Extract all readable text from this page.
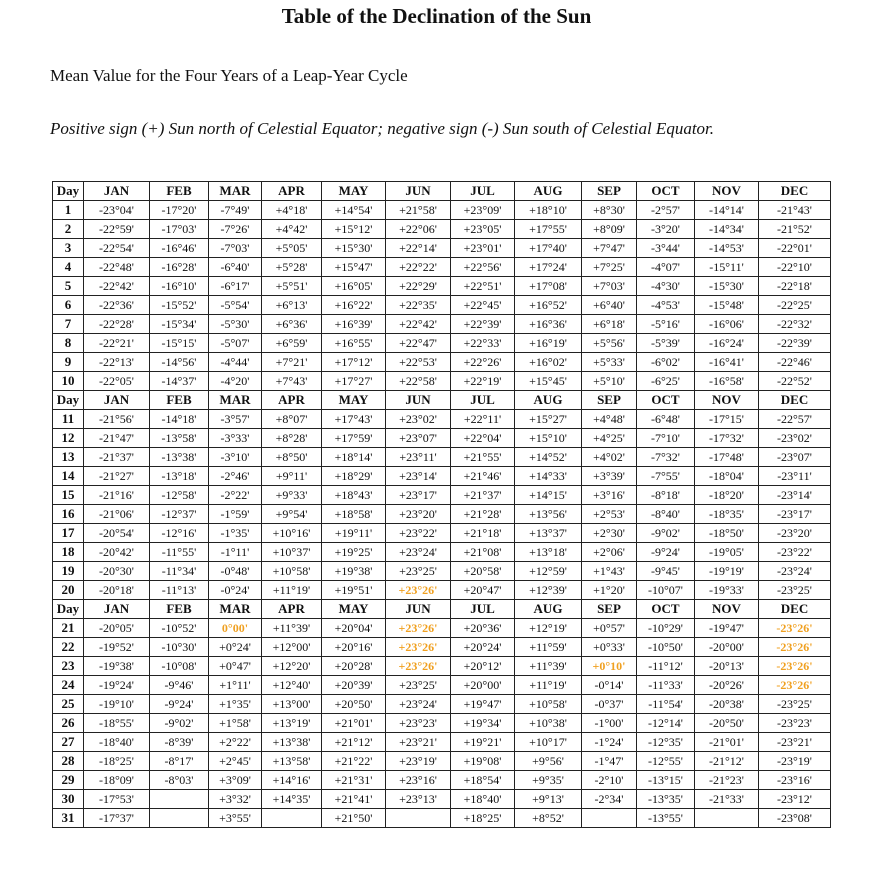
Table of the Declination of the Sun
Mean Value for the Four Years of a Leap-Year Cycle
Positive sign (+) Sun north of Celestial Equator; negative sign (-) Sun south of Celestial Equator.
Day	JAN	FEB	MAR	APR	MAY	JUN	JUL	AUG	SEP	OCT	NOV	DEC
1	-23°04'	-17°20'	-7°49'	+4°18'	+14°54'	+21°58'	+23°09'	+18°10'	+8°30'	-2°57'	-14°14'	-21°43'
2	-22°59'	-17°03'	-7°26'	+4°42'	+15°12'	+22°06'	+23°05'	+17°55'	+8°09'	-3°20'	-14°34'	-21°52'
3	-22°54'	-16°46'	-7°03'	+5°05'	+15°30'	+22°14'	+23°01'	+17°40'	+7°47'	-3°44'	-14°53'	-22°01'
4	-22°48'	-16°28'	-6°40'	+5°28'	+15°47'	+22°22'	+22°56'	+17°24'	+7°25'	-4°07'	-15°11'	-22°10'
5	-22°42'	-16°10'	-6°17'	+5°51'	+16°05'	+22°29'	+22°51'	+17°08'	+7°03'	-4°30'	-15°30'	-22°18'
6	-22°36'	-15°52'	-5°54'	+6°13'	+16°22'	+22°35'	+22°45'	+16°52'	+6°40'	-4°53'	-15°48'	-22°25'
7	-22°28'	-15°34'	-5°30'	+6°36'	+16°39'	+22°42'	+22°39'	+16°36'	+6°18'	-5°16'	-16°06'	-22°32'
8	-22°21'	-15°15'	-5°07'	+6°59'	+16°55'	+22°47'	+22°33'	+16°19'	+5°56'	-5°39'	-16°24'	-22°39'
9	-22°13'	-14°56'	-4°44'	+7°21'	+17°12'	+22°53'	+22°26'	+16°02'	+5°33'	-6°02'	-16°41'	-22°46'
10	-22°05'	-14°37'	-4°20'	+7°43'	+17°27'	+22°58'	+22°19'	+15°45'	+5°10'	-6°25'	-16°58'	-22°52'
Day	JAN	FEB	MAR	APR	MAY	JUN	JUL	AUG	SEP	OCT	NOV	DEC
11	-21°56'	-14°18'	-3°57'	+8°07'	+17°43'	+23°02'	+22°11'	+15°27'	+4°48'	-6°48'	-17°15'	-22°57'
12	-21°47'	-13°58'	-3°33'	+8°28'	+17°59'	+23°07'	+22°04'	+15°10'	+4°25'	-7°10'	-17°32'	-23°02'
13	-21°37'	-13°38'	-3°10'	+8°50'	+18°14'	+23°11'	+21°55'	+14°52'	+4°02'	-7°32'	-17°48'	-23°07'
14	-21°27'	-13°18'	-2°46'	+9°11'	+18°29'	+23°14'	+21°46'	+14°33'	+3°39'	-7°55'	-18°04'	-23°11'
15	-21°16'	-12°58'	-2°22'	+9°33'	+18°43'	+23°17'	+21°37'	+14°15'	+3°16'	-8°18'	-18°20'	-23°14'
16	-21°06'	-12°37'	-1°59'	+9°54'	+18°58'	+23°20'	+21°28'	+13°56'	+2°53'	-8°40'	-18°35'	-23°17'
17	-20°54'	-12°16'	-1°35'	+10°16'	+19°11'	+23°22'	+21°18'	+13°37'	+2°30'	-9°02'	-18°50'	-23°20'
18	-20°42'	-11°55'	-1°11'	+10°37'	+19°25'	+23°24'	+21°08'	+13°18'	+2°06'	-9°24'	-19°05'	-23°22'
19	-20°30'	-11°34'	-0°48'	+10°58'	+19°38'	+23°25'	+20°58'	+12°59'	+1°43'	-9°45'	-19°19'	-23°24'
20	-20°18'	-11°13'	-0°24'	+11°19'	+19°51'	+23°26'	+20°47'	+12°39'	+1°20'	-10°07'	-19°33'	-23°25'
Day	JAN	FEB	MAR	APR	MAY	JUN	JUL	AUG	SEP	OCT	NOV	DEC
21	-20°05'	-10°52'	0°00'	+11°39'	+20°04'	+23°26'	+20°36'	+12°19'	+0°57'	-10°29'	-19°47'	-23°26'
22	-19°52'	-10°30'	+0°24'	+12°00'	+20°16'	+23°26'	+20°24'	+11°59'	+0°33'	-10°50'	-20°00'	-23°26'
23	-19°38'	-10°08'	+0°47'	+12°20'	+20°28'	+23°26'	+20°12'	+11°39'	+0°10'	-11°12'	-20°13'	-23°26'
24	-19°24'	-9°46'	+1°11'	+12°40'	+20°39'	+23°25'	+20°00'	+11°19'	-0°14'	-11°33'	-20°26'	-23°26'
25	-19°10'	-9°24'	+1°35'	+13°00'	+20°50'	+23°24'	+19°47'	+10°58'	-0°37'	-11°54'	-20°38'	-23°25'
26	-18°55'	-9°02'	+1°58'	+13°19'	+21°01'	+23°23'	+19°34'	+10°38'	-1°00'	-12°14'	-20°50'	-23°23'
27	-18°40'	-8°39'	+2°22'	+13°38'	+21°12'	+23°21'	+19°21'	+10°17'	-1°24'	-12°35'	-21°01'	-23°21'
28	-18°25'	-8°17'	+2°45'	+13°58'	+21°22'	+23°19'	+19°08'	+9°56'	-1°47'	-12°55'	-21°12'	-23°19'
29	-18°09'	-8°03'	+3°09'	+14°16'	+21°31'	+23°16'	+18°54'	+9°35'	-2°10'	-13°15'	-21°23'	-23°16'
30	-17°53'		+3°32'	+14°35'	+21°41'	+23°13'	+18°40'	+9°13'	-2°34'	-13°35'	-21°33'	-23°12'
31	-17°37'		+3°55'		+21°50'		+18°25'	+8°52'		-13°55'		-23°08'
